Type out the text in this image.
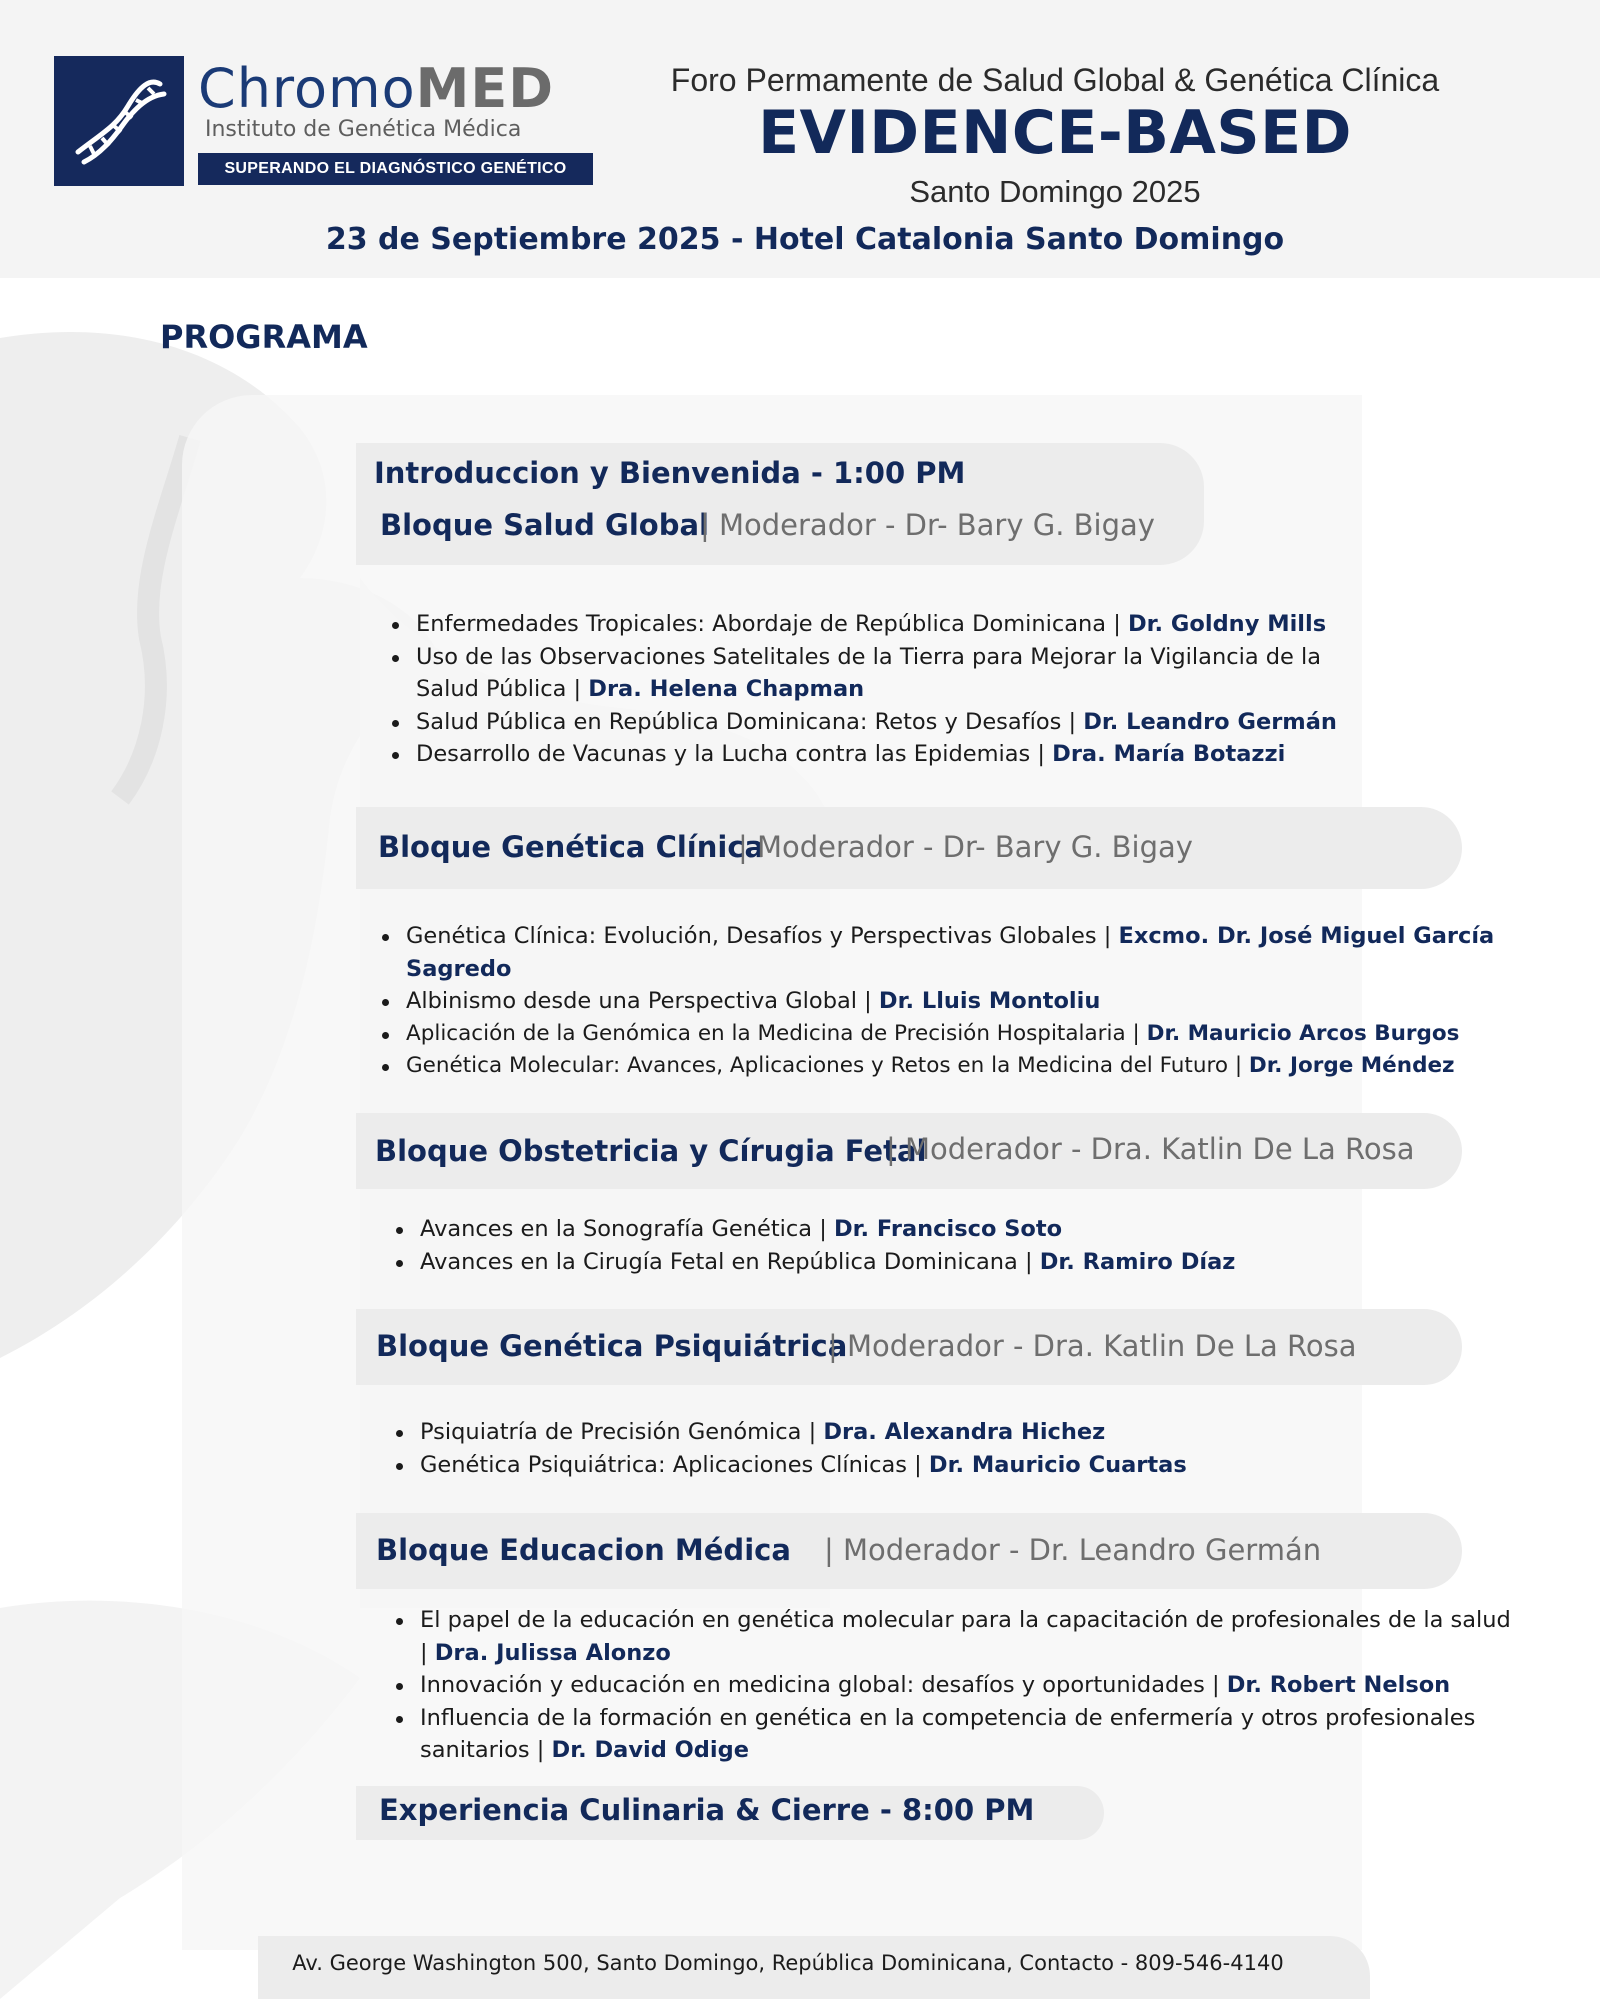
ChromoMED
Instituto de Genética Médica
SUPERANDO EL DIAGNÓSTICO GENÉTICO
Foro Permamente de Salud Global & Genética Clínica
EVIDENCE-BASED
Santo Domingo 2025
23 de Septiembre 2025 - Hotel Catalonia Santo Domingo
PROGRAMA
Introduccion y Bienvenida - 1:00 PM
Bloque Salud Global
| Moderador - Dr- Bary G. Bigay
Enfermedades Tropicales: Abordaje de República Dominicana | Dr. Goldny Mills
Uso de las Observaciones Satelitales de la Tierra para Mejorar la Vigilancia de la Salud Pública | Dra. Helena Chapman
Salud Pública en República Dominicana: Retos y Desafíos | Dr. Leandro Germán
Desarrollo de Vacunas y la Lucha contra las Epidemias | Dra. María Botazzi
Bloque Genética Clínica
| Moderador - Dr- Bary G. Bigay
Genética Clínica: Evolución, Desafíos y Perspectivas Globales | Excmo. Dr. José Miguel García Sagredo
Albinismo desde una Perspectiva Global | Dr. Lluis Montoliu
Aplicación de la Genómica en la Medicina de Precisión Hospitalaria | Dr. Mauricio Arcos Burgos
Genética Molecular: Avances, Aplicaciones y Retos en la Medicina del Futuro | Dr. Jorge Méndez
Bloque Obstetricia y Círugia Fetal
| Moderador - Dra. Katlin De La Rosa
Avances en la Sonografía Genética | Dr. Francisco Soto
Avances en la Cirugía Fetal en República Dominicana | Dr. Ramiro Díaz
Bloque Genética Psiquiátrica
| Moderador - Dra. Katlin De La Rosa
Psiquiatría de Precisión Genómica | Dra. Alexandra Hichez
Genética Psiquiátrica: Aplicaciones Clínicas | Dr. Mauricio Cuartas
Bloque Educacion Médica | Moderador - Dr. Leandro Germán
El papel de la educación en genética molecular para la capacitación de profesionales de la salud | Dra. Julissa Alonzo
Innovación y educación en medicina global: desafíos y oportunidades | Dr. Robert Nelson
Influencia de la formación en genética en la competencia de enfermería y otros profesionales sanitarios | Dr. David Odige
Experiencia Culinaria & Cierre - 8:00 PM
Av. George Washington 500, Santo Domingo, República Dominicana, Contacto - 809-546-4140
